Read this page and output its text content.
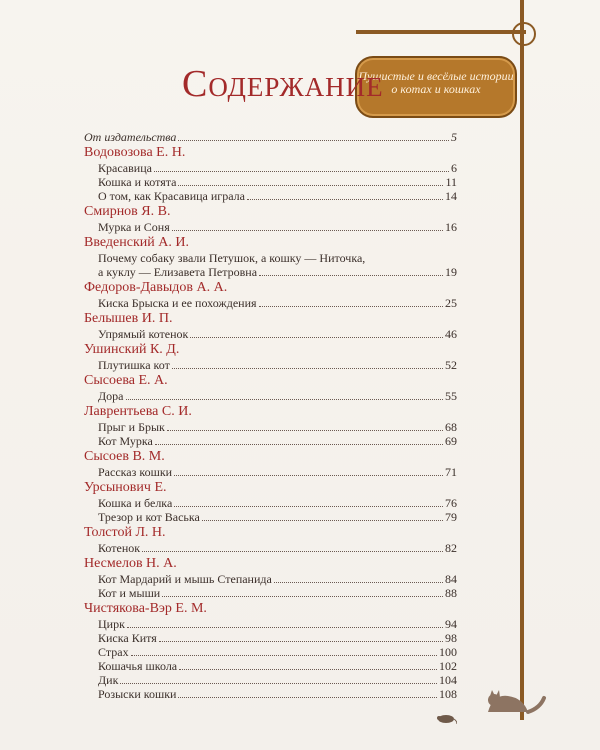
Пушистые и весёлые истории
о котах и кошках
Содержание
От издательства	5
Водовозова Е. Н.
Красавица	6
Кошка и котята	11
О том, как Красавица играла	14
Смирнов Я. В.
Мурка и Соня	16
Введенский А. И.
Почему собаку звали Петушок, а кошку — Ниточка,
а куклу — Елизавета Петровна	19
Федоров-Давыдов А. А.
Киска Брыска и ее похождения	25
Белышев И. П.
Упрямый котенок	46
Ушинский К. Д.
Плутишка кот	52
Сысоева Е. А.
Дора	55
Лаврентьева С. И.
Прыг и Брык	68
Кот Мурка	69
Сысоев В. М.
Рассказ кошки	71
Урсынович Е.
Кошка и белка	76
Трезор и кот Васька	79
Толстой Л. Н.
Котенок	82
Несмелов Н. А.
Кот Мардарий и мышь Степанида	84
Кот и мыши	88
Чистякова-Вэр Е. М.
Цирк	94
Киска Китя	98
Страх	100
Кошачья школа	102
Дик	104
Розыски кошки	108
